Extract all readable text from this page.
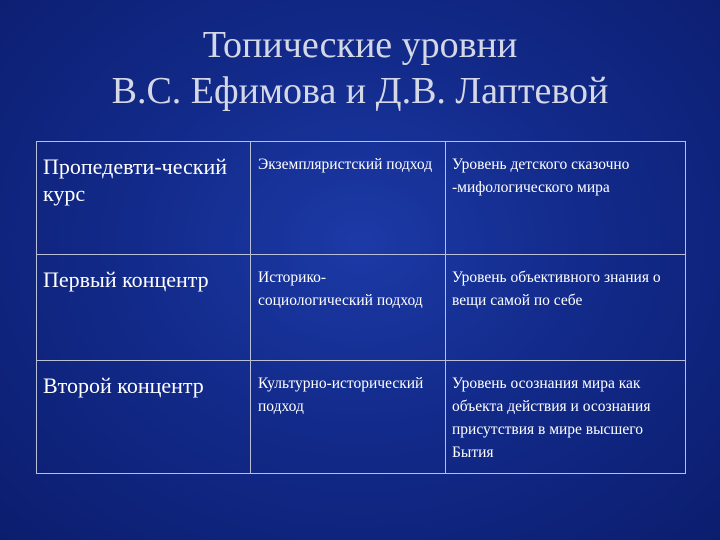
Топические уровни
В.С. Ефимова и Д.В. Лаптевой
Пропедевти-ческий курс	Экземпляристский подход	Уровень детского сказочно -мифологического мира
Первый концентр	Историко-социологический подход	Уровень объективного знания о вещи самой по себе
Второй концентр	Культурно-исторический подход	Уровень осознания мира как объекта действия и осознания присутствия в мире высшего Бытия
